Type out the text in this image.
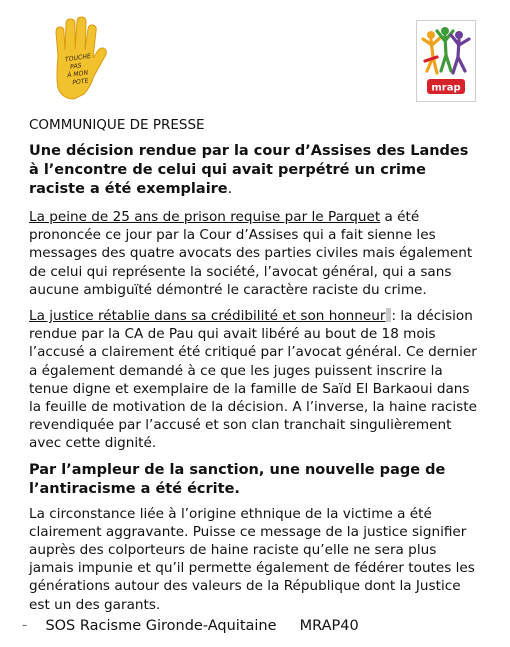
TOUCHE
PAS
À MON
POTE
mrap
COMMUNIQUE DE PRESSE
Une décision rendue par la cour d’Assises des Landes à l’encontre de celui qui avait perpétré un crime raciste a été exemplaire.

La peine de 25 ans de prison requise par le Parquet a été prononcée ce jour par la Cour d’Assises qui a fait sienne les messages des quatre avocats des parties civiles mais également de celui qui représente la société, l’avocat général, qui a sans aucune ambiguïté démontré le caractère raciste du crime.

La justice rétablie dans sa crédibilité et son honneur : la décision rendue par la CA de Pau qui avait libéré au bout de 18 mois l’accusé a clairement été critiqué par l’avocat général. Ce dernier a également demandé à ce que les juges puissent inscrire la tenue digne et exemplaire de la famille de Saïd El Barkaoui dans la feuille de motivation de la décision. A l’inverse, la haine raciste revendiquée par l’accusé et son clan tranchait singulièrement avec cette dignité.

Par l’ampleur de la sanction, une nouvelle page de l’antiracisme a été écrite.

La circonstance liée à l’origine ethnique de la victime a été clairement aggravante. Puisse ce message de la justice signifier auprès des colporteurs de haine raciste qu’elle ne sera plus jamais impunie et qu’il permette également de fédérer toutes les générations autour des valeurs de la République dont la Justice est un des garants.

– SOS Racisme Gironde-Aquitaine MRAP40
